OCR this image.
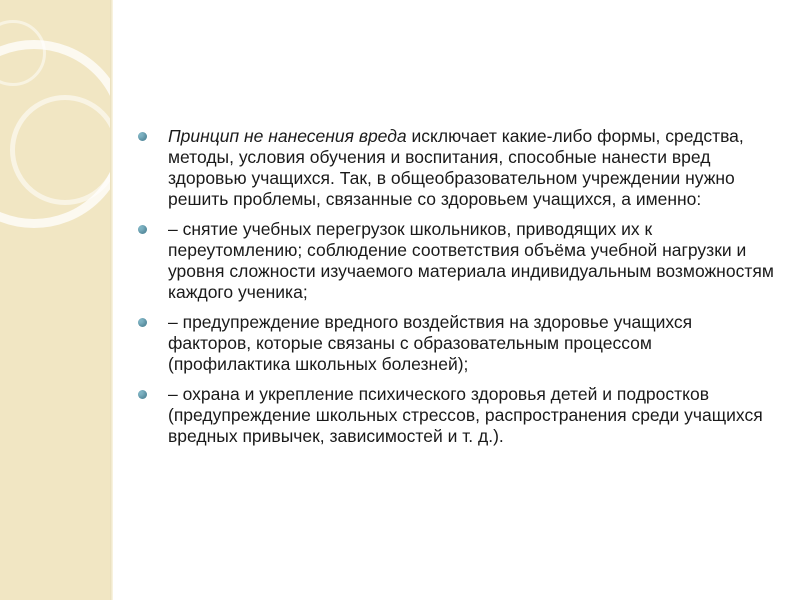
Принцип не нанесения вреда исключает какие-либо формы, средства, методы, условия обучения и воспитания, способные нанести вред здоровью учащихся. Так, в общеобразовательном учреждении нужно решить проблемы, связанные со здоровьем учащихся, а именно:
– снятие учебных перегрузок школьников, приводящих их к переутомлению; соблюдение соответствия объёма учебной нагрузки и уровня сложности изучаемого материала индивидуальным возможностям каждого ученика;
– предупреждение вредного воздействия на здоровье учащихся факторов, которые связаны с образовательным процессом (профилактика школьных болезней);
– охрана и укрепление психического здоровья детей и подростков (предупреждение школьных стрессов, распространения среди учащихся вредных привычек, зависимостей и т. д.).
